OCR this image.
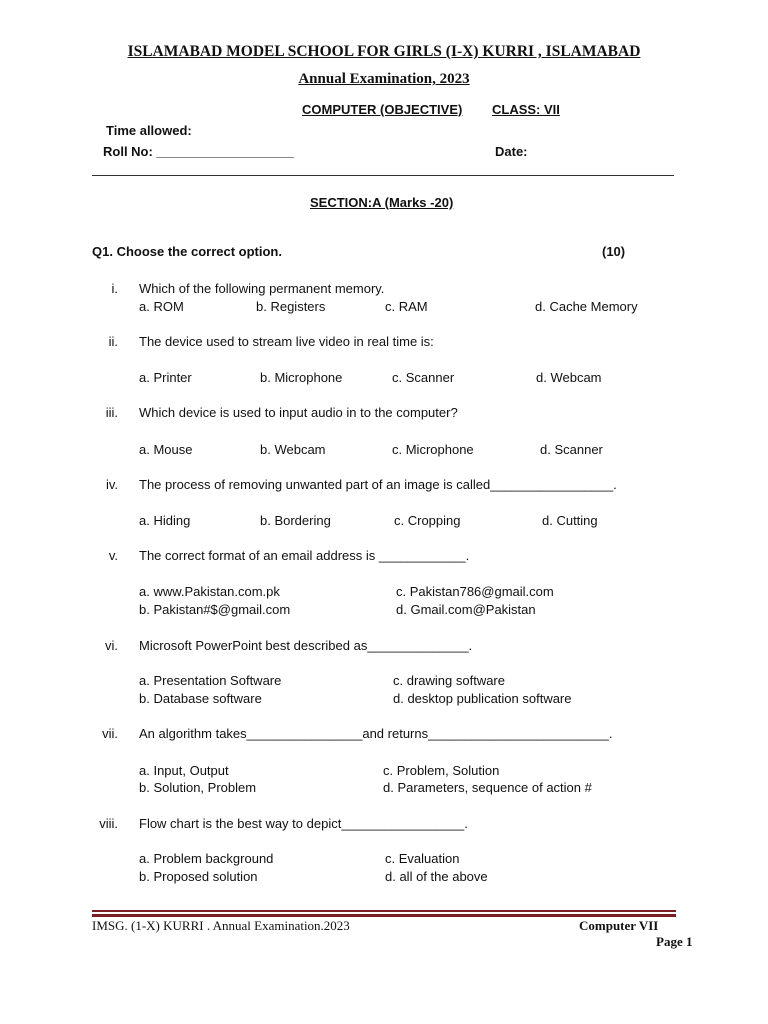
ISLAMABAD MODEL SCHOOL FOR GIRLS (I-X) KURRI , ISLAMABAD
Annual Examination, 2023
COMPUTER (OBJECTIVE) CLASS: VII
Time allowed:
Roll No: ___________________	Date:
SECTION:A (Marks -20)
Q1. Choose the correct option.	(10)
i. Which of the following permanent memory.
a. ROM	b. Registers	c. RAM	d. Cache Memory
ii. The device used to stream live video in real time is:
a. Printer	b. Microphone	c. Scanner	d. Webcam
iii. Which device is used to input audio in to the computer?
a. Mouse	b. Webcam	c. Microphone	d. Scanner
iv. The process of removing unwanted part of an image is called_________________.
a. Hiding	b. Bordering	c. Cropping	d. Cutting
v. The correct format of an email address is ____________.
a. www.Pakistan.com.pk	c. Pakistan786@gmail.com
b. Pakistan#$@gmail.com	d. Gmail.com@Pakistan
vi. Microsoft PowerPoint best described as______________.
a. Presentation Software	c. drawing software
b. Database software	d. desktop publication software
vii. An algorithm takes________________and returns_________________________.
a. Input, Output	c. Problem, Solution
b. Solution, Problem	d. Parameters, sequence of action #
viii. Flow chart is the best way to depict_________________.
a. Problem background	c. Evaluation
b. Proposed solution	d. all of the above
IMSG. (1-X) KURRI . Annual Examination.2023	Computer VII
Page 1
